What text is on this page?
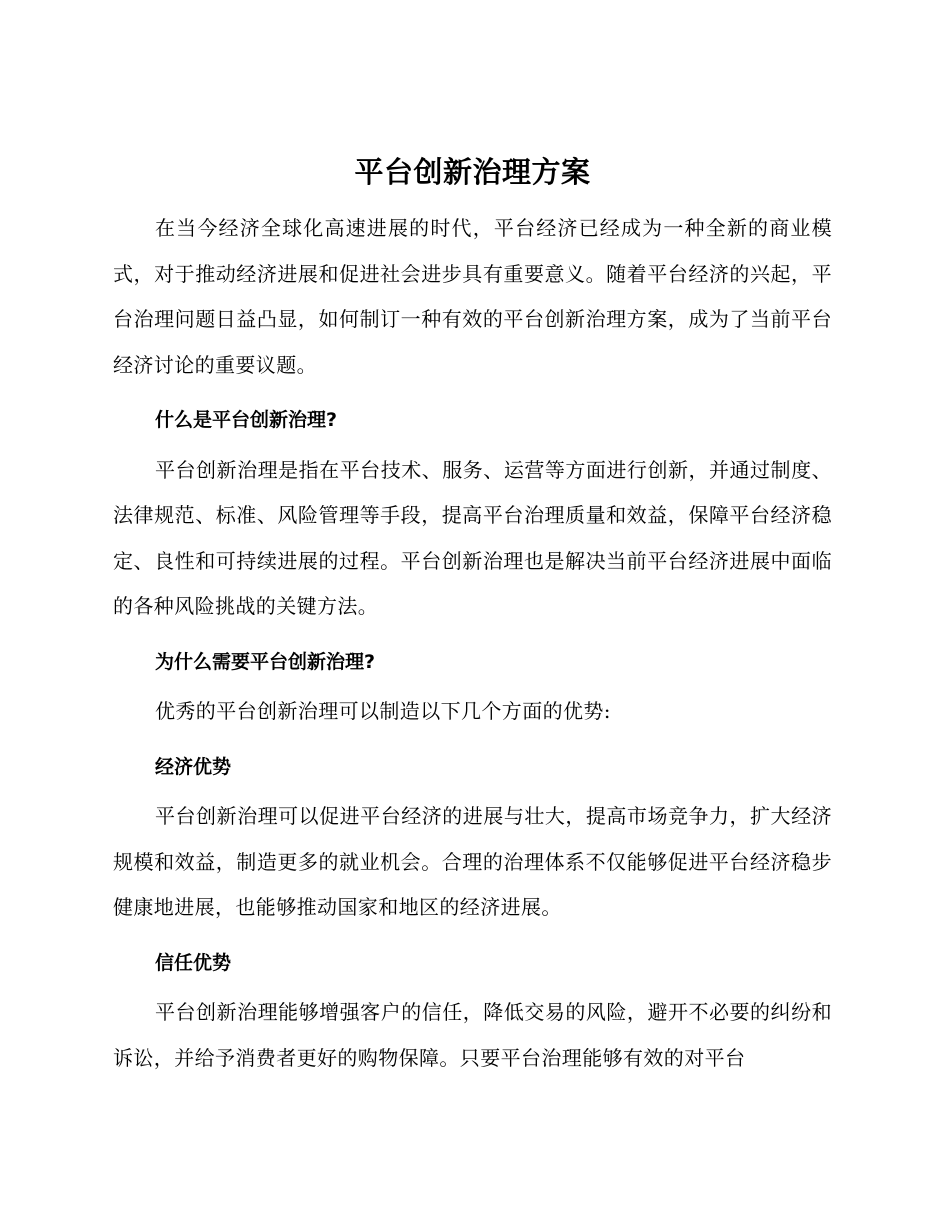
平台创新治理方案

在当今经济全球化高速进展的时代，平台经济已经成为一种全新的商业模式，对于推动经济进展和促进社会进步具有重要意义。随着平台经济的兴起，平台治理问题日益凸显，如何制订一种有效的平台创新治理方案，成为了当前平台经济讨论的重要议题。

什么是平台创新治理?

平台创新治理是指在平台技术、服务、运营等方面进行创新，并通过制度、法律规范、标准、风险管理等手段，提高平台治理质量和效益，保障平台经济稳定、良性和可持续进展的过程。平台创新治理也是解决当前平台经济进展中面临的各种风险挑战的关键方法。

为什么需要平台创新治理?

优秀的平台创新治理可以制造以下几个方面的优势:

经济优势

平台创新治理可以促进平台经济的进展与壮大，提高市场竞争力，扩大经济规模和效益，制造更多的就业机会。合理的治理体系不仅能够促进平台经济稳步健康地进展，也能够推动国家和地区的经济进展。

信任优势

平台创新治理能够增强客户的信任，降低交易的风险，避开不必要的纠纷和诉讼，并给予消费者更好的购物保障。只要平台治理能够有效的对平台
